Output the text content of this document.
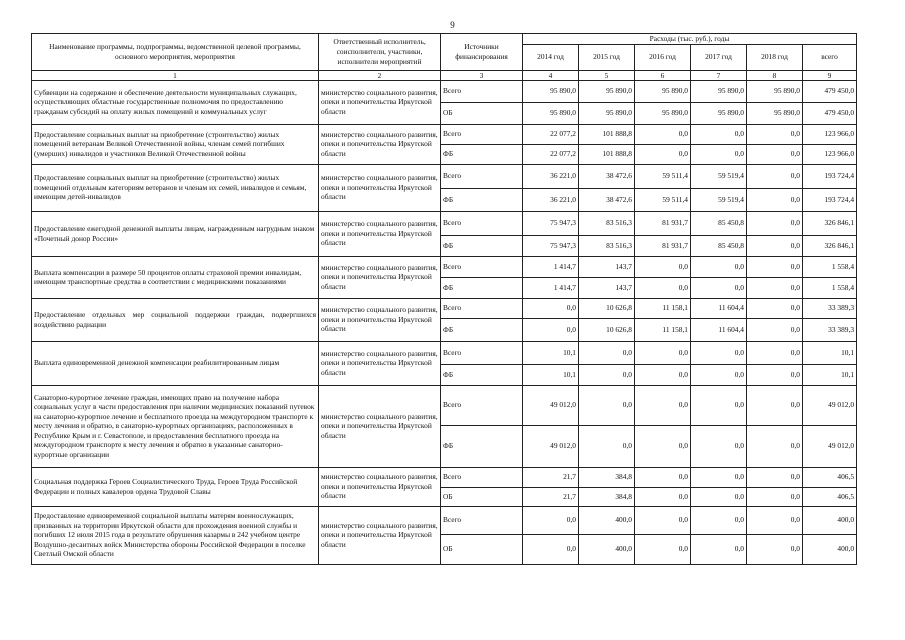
9
Наименование программы, подпрограммы, ведомственной целевой программы, основного мероприятия, мероприятия	Ответственный исполнитель, соисполнители, участники, исполнители мероприятий	Источники финансирования	Расходы (тыс. руб.), годы					
			2014 год	2015 год	2016 год	2017 год	2018 год	всего
1	2	3	4	5	6	7	8	9
Субвенции на содержание и обеспечение деятельности муниципальных служащих, осуществляющих областные государственные полномочия по предоставлению гражданам субсидий на оплату жилых помещений и коммунальных услуг	министерство социального развития, опеки и попечительства Иркутской области	Всего	95 890,0	95 890,0	95 890,0	95 890,0	95 890,0	479 450,0
		ОБ	95 890,0	95 890,0	95 890,0	95 890,0	95 890,0	479 450,0
Предоставление социальных выплат на приобретение (строительство) жилых помещений ветеранам Великой Отечественной войны, членам семей погибших (умерших) инвалидов и участников Великой Отечественной войны	министерство социального развития, опеки и попечительства Иркутской области	Всего	22 077,2	101 888,8	0,0	0,0	0,0	123 966,0
		ФБ	22 077,2	101 888,8	0,0	0,0	0,0	123 966,0
Предоставление социальных выплат на приобретение (строительство) жилых помещений отдельным категориям ветеранов и членам их семей, инвалидов и семьям, имеющим детей-инвалидов	министерство социального развития, опеки и попечительства Иркутской области	Всего	36 221,0	38 472,6	59 511,4	59 519,4	0,0	193 724,4
		ФБ	36 221,0	38 472,6	59 511,4	59 519,4	0,0	193 724,4
Предоставление ежегодной денежной выплаты лицам, награжденным нагрудным знаком «Почетный донор России»	министерство социального развития, опеки и попечительства Иркутской области	Всего	75 947,3	83 516,3	81 931,7	85 450,8	0,0	326 846,1
		ФБ	75 947,3	83 516,3	81 931,7	85 450,8	0,0	326 846,1
Выплата компенсации в размере 50 процентов оплаты страховой премии инвалидам, имеющим транспортные средства в соответствии с медицинскими показаниями	министерство социального развития, опеки и попечительства Иркутской области	Всего	1 414,7	143,7	0,0	0,0	0,0	1 558,4
		ФБ	1 414,7	143,7	0,0	0,0	0,0	1 558,4
Предоставление отдельных мер социальной поддержки граждан, подвергшихся воздействию радиации	министерство социального развития, опеки и попечительства Иркутской области	Всего	0,0	10 626,8	11 158,1	11 604,4	0,0	33 389,3
		ФБ	0,0	10 626,8	11 158,1	11 604,4	0,0	33 389,3
Выплата единовременной денежной компенсации реабилитированным лицам	министерство социального развития, опеки и попечительства Иркутской области	Всего	10,1	0,0	0,0	0,0	0,0	10,1
		ФБ	10,1	0,0	0,0	0,0	0,0	10,1
Санаторно-курортное лечение граждан, имеющих право на получение набора социальных услуг в части предоставления при наличии медицинских показаний путевок на санаторно-курортное лечение и бесплатного проезда на междугородном транспорте к месту лечения и обратно, в санаторно-курортных организациях, расположенных в Республике Крым и г. Севастополе, и предоставления бесплатного проезда на междугородном транспорте к месту лечения и обратно в указанные санаторно-курортные организации	министерство социального развития, опеки и попечительства Иркутской области	Всего	49 012,0	0,0	0,0	0,0	0,0	49 012,0
		ФБ	49 012,0	0,0	0,0	0,0	0,0	49 012,0
Социальная поддержка Героев Социалистического Труда, Героев Труда Российской Федерации и полных кавалеров ордена Трудовой Славы	министерство социального развития, опеки и попечительства Иркутской области	Всего	21,7	384,8	0,0	0,0	0,0	406,5
		ОБ	21,7	384,8	0,0	0,0	0,0	406,5
Предоставление единовременной социальной выплаты матерям военнослужащих, призванных на территории Иркутской области для прохождения военной службы и погибших 12 июля 2015 года в результате обрушения казармы в 242 учебном центре Воздушно-десантных войск Министерства обороны Российской Федерации в поселке Светлый Омской области	министерство социального развития, опеки и попечительства Иркутской области	Всего	0,0	400,0	0,0	0,0	0,0	400,0
		ОБ	0,0	400,0	0,0	0,0	0,0	400,0
